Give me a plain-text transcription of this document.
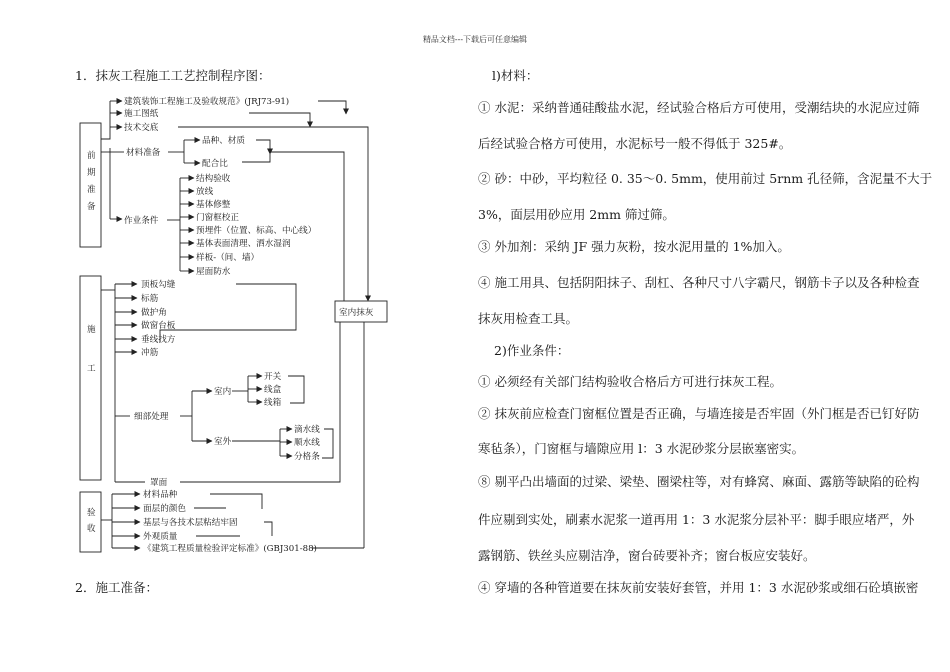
精品文档---下载后可任意编辑
1．抹灰工程施工工艺控制程序图：
2．施工准备：
前
期
准
备
施
工
验
收
建筑装饰工程施工及验收规范》(JRJ73-91)
施工图纸
技术交底
材料准备
品种、材质
配合比
作业条件
结构验收
放线
基体修整
门窗框校正
预埋件（位置、标高、中心线）
基体表面清理、洒水湿润
样板-（间、墙）
屋面防水
顶板勾缝
标筋
做护角
做窗台板
垂线找方
冲筋
细部处理
室内
开关
线盒
线箱
室外
滴水线
顺水线
分格条
罩面
材料品种
面层的颜色
基层与各技术层粘结牢固
外观质量
《建筑工程质量检验评定标准》(GBJ301-88)
室内抹灰
l)材料：
① 水泥：采纳普通硅酸盐水泥，经试验合格后方可使用，受潮结块的水泥应过筛
后经试验合格方可使用，水泥标号一般不得低于 325#。
② 砂：中砂，平均粒径 0. 35～0. 5mm，使用前过 5rnm 孔径筛，含泥量不大于
3%，面层用砂应用 2mm 筛过筛。
③ 外加剂：采纳 JF 强力灰粉，按水泥用量的 1%加入。
④ 施工用具、包括阴阳抹子、刮杠、各种尺寸八字霸尺，钢筋卡子以及各种检查
抹灰用检查工具。
2)作业条件：
① 必须经有关部门结构验收合格后方可进行抹灰工程。
② 抹灰前应检查门窗框位置是否正确，与墙连接是否牢固（外门框是否已钉好防
寒毡条），门窗框与墙隙应用 l：3 水泥砂浆分层嵌塞密实。
⑧ 剔平凸出墙面的过梁、梁垫、圈梁柱等，对有蜂窝、麻面、露筋等缺陷的砼构
件应剔到实处，刷素水泥浆一道再用 1：3 水泥浆分层补平：脚手眼应堵严，外
露钢筋、铁丝头应剔洁净，窗台砖要补齐；窗台板应安装好。
④ 穿墙的各种管道要在抹灰前安装好套管，并用 1：3 水泥砂浆或细石砼填嵌密
